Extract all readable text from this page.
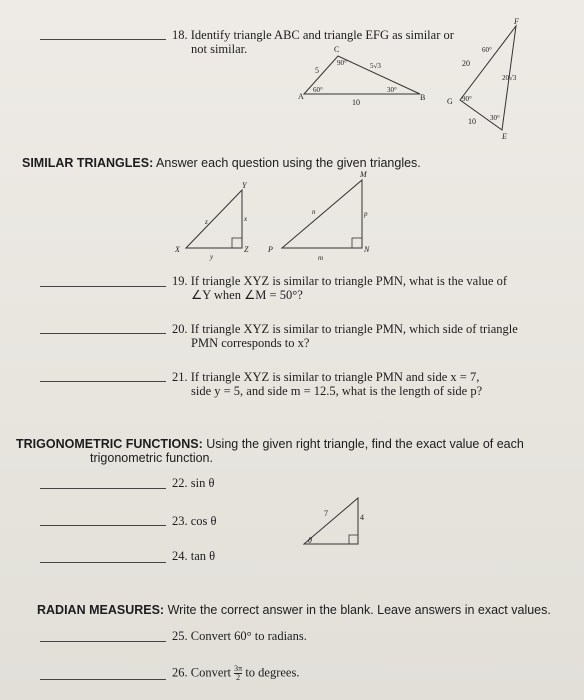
18. Identify triangle ABC and triangle EFG as similar or
not similar.
A	B
C
90°
60°	30°
5	5√3
10
F
G
E
60°
90°
30°
20
20√3
10
SIMILAR TRIANGLES: Answer each question using the given triangles.
X
Y
Z
z	x
y
P
M
N
n	p
m
19. If triangle XYZ is similar to triangle PMN, what is the value of
∠Y when ∠M = 50°?
20. If triangle XYZ is similar to triangle PMN, which side of triangle
PMN corresponds to x?
21. If triangle XYZ is similar to triangle PMN and side x = 7,
side y = 5, and side m = 12.5, what is the length of side p?
TRIGONOMETRIC FUNCTIONS: Using the given right triangle, find the exact value of each
trigonometric function.
22. sin θ
23. cos θ
24. tan θ
7	4
θ
RADIAN MEASURES: Write the correct answer in the blank. Leave answers in exact values.
25. Convert 60° to radians.
26. Convert $\frac{3\pi}{2}$ to degrees.
